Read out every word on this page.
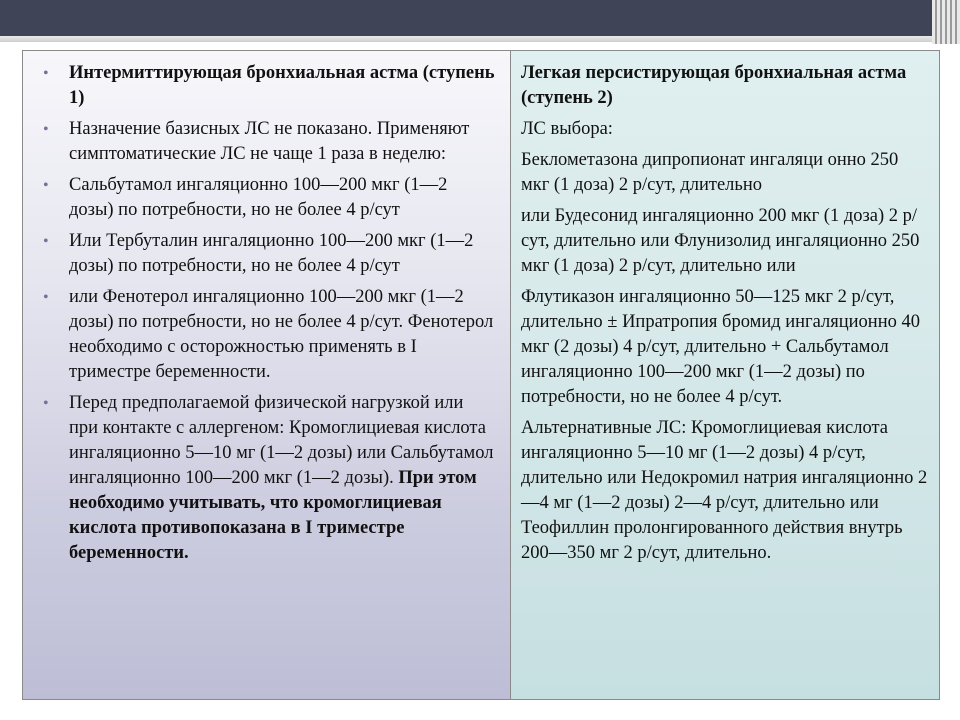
• Интермиттирующая бронхиальная астма (ступень 1)
• Назначение базисных ЛС не показано. Применяют симптоматические ЛС не чаще 1 раза в неделю:
• Сальбутамол ингаляционно 100—200 мкг (1—2 дозы) по потребности, но не более 4 р/сут
• Или Тербуталин ингаляционно 100—200 мкг (1—2 дозы) по потребности, но не более 4 р/сут
• или Фенотерол ингаляционно 100—200 мкг (1—2 дозы) по потребности, но не более 4 р/сут. Фенотерол необходимо с осторожностью применять в I триместре беременности.
• Перед предполагаемой физической нагрузкой или при контакте с аллергеном: Кромоглициевая кислота ингаляционно 5—10 мг (1—2 дозы) или Сальбутамол ингаляционно 100—200 мкг (1—2 дозы). При этом необходимо учитывать, что кромоглициевая кислота противопоказана в I триместре беременности.

Легкая персистирующая бронхиальная астма (ступень 2)

ЛС выбора:

Беклометазона дипропионат ингаляци онно 250 мкг (1 доза) 2 р/сут, длительно

или Будесонид ингаляционно 200 мкг (1 доза) 2 р/сут, длительно или Флунизолид ингаляционно 250 мкг (1 доза) 2 р/сут, длительно или

Флутиказон ингаляционно 50—125 мкг 2 р/сут, длительно ± Ипратропия бромид ингаляционно 40 мкг (2 дозы) 4 р/сут, длительно + Сальбутамол ингаляционно 100—200 мкг (1—2 дозы) по потребности, но не более 4 р/сут.

Альтернативные ЛС: Кромоглициевая кислота ингаляционно 5—10 мг (1—2 дозы) 4 р/сут, длительно или Недокромил натрия ингаляционно 2—4 мг (1—2 дозы) 2—4 р/сут, длительно или Теофиллин пролонгированного действия внутрь 200—350 мг 2 р/сут, длительно.
